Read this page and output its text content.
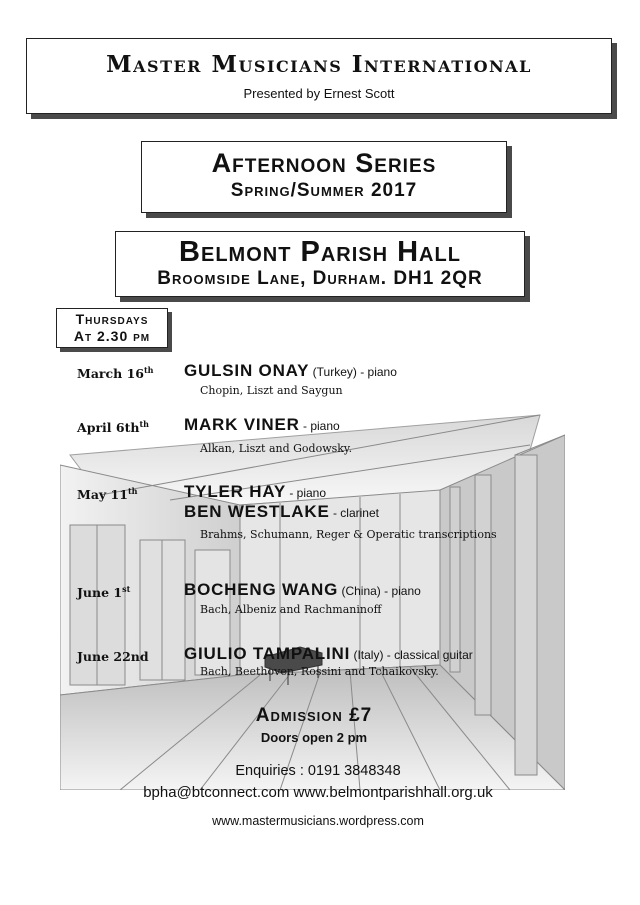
Master Musicians International
Presented by Ernest Scott
Afternoon Series
Spring/Summer 2017
Belmont Parish Hall
Broomside Lane, Durham. DH1 2QR
Thursdays
At 2.30 pm
March 16th GULSIN ONAY (Turkey) - piano
Chopin, Liszt and Saygun
April $6th^{th}$ MARK VINER - piano
Alkan, Liszt and Godowsky.
May 11th	TYLER HAY - piano
BEN WESTLAKE - clarinet
Brahms, Schumann, Reger & Operatic transcriptions
June 1st	BOCHENG WANG (China) - piano
Bach, Albeniz and Rachmaninoff
June 22nd GIULIO TAMPALINI (Italy) - classical guitar
Bach, Beethoven, Rossini and Tchaikovsky.
Admission £7
Doors open 2 pm
Enquiries : 0191 3848348
bpha@btconnect.com www.belmontparishhall.org.uk
www.mastermusicians.wordpress.com
